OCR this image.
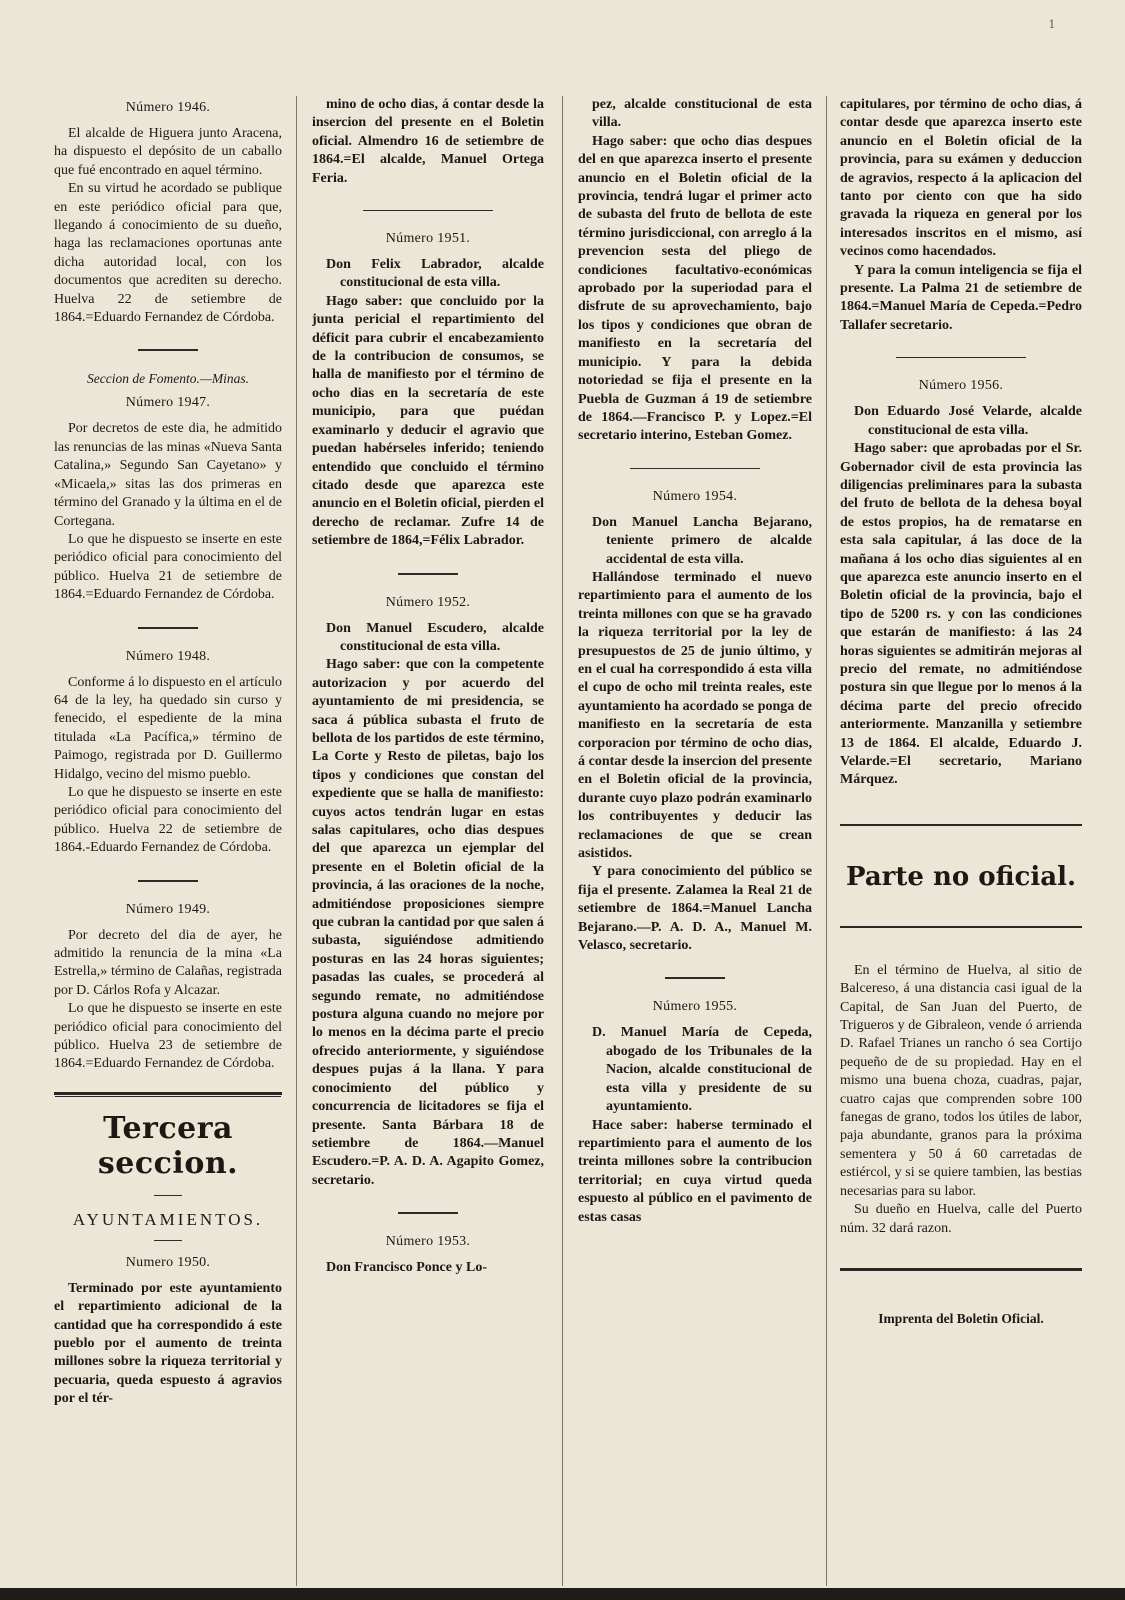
1
Número 1946.

El alcalde de Higuera junto Aracena, ha dispuesto el depósito de un caballo que fué encontrado en aquel término.

En su virtud he acordado se publique en este periódico oficial para que, llegando á conocimiento de su dueño, haga las reclamaciones oportunas ante dicha autoridad local, con los documentos que acrediten su derecho. Huelva 22 de setiembre de 1864.=Eduardo Fernandez de Córdoba.

Seccion de Fomento.—Minas.
Número 1947.

Por decretos de este dia, he admitido las renuncias de las minas «Nueva Santa Catalina,» Segundo San Cayetano» y «Micaela,» sitas las dos primeras en término del Granado y la última en el de Cortegana.

Lo que he dispuesto se inserte en este periódico oficial para conocimiento del público. Huelva 21 de setiembre de 1864.=Eduardo Fernandez de Córdoba.

Número 1948.

Conforme á lo dispuesto en el artículo 64 de la ley, ha quedado sin curso y fenecido, el espediente de la mina titulada «La Pacífica,» término de Paimogo, registrada por D. Guillermo Hidalgo, vecino del mismo pueblo.

Lo que he dispuesto se inserte en este periódico oficial para conocimiento del público. Huelva 22 de setiembre de 1864.-Eduardo Fernandez de Córdoba.

Número 1949.

Por decreto del dia de ayer, he admitido la renuncia de la mina «La Estrella,» término de Calañas, registrada por D. Cárlos Rofa y Alcazar.

Lo que he dispuesto se inserte en este periódico oficial para conocimiento del público. Huelva 23 de setiembre de 1864.=Eduardo Fernandez de Córdoba.

Tercera seccion.
AYUNTAMIENTOS.
Numero 1950.

Terminado por este ayuntamiento el repartimiento adicional de la cantidad que ha correspondido á este pueblo por el aumento de treinta millones sobre la riqueza territorial y pecuaria, queda espuesto á agravios por el tér-

mino de ocho dias, á contar desde la insercion del presente en el Boletin oficial. Almendro 16 de setiembre de 1864.=El alcalde, Manuel Ortega Feria.

Número 1951.

Don Felix Labrador, alcalde constitucional de esta villa.

Hago saber: que concluido por la junta pericial el repartimiento del déficit para cubrir el encabezamiento de la contribucion de consumos, se halla de manifiesto por el término de ocho dias en la secretaría de este municipio, para que puédan examinarlo y deducir el agravio que puedan habérseles inferido; teniendo entendido que concluido el término citado desde que aparezca este anuncio en el Boletin oficial, pierden el derecho de reclamar. Zufre 14 de setiembre de 1864,=Félix Labrador.

Número 1952.

Don Manuel Escudero, alcalde constitucional de esta villa.

Hago saber: que con la competente autorizacion y por acuerdo del ayuntamiento de mi presidencia, se saca á pública subasta el fruto de bellota de los partidos de este término, La Corte y Resto de piletas, bajo los tipos y condiciones que constan del expediente que se halla de manifiesto: cuyos actos tendrán lugar en estas salas capitulares, ocho dias despues del que aparezca un ejemplar del presente en el Boletin oficial de la provincia, á las oraciones de la noche, admitiéndose proposiciones siempre que cubran la cantidad por que salen á subasta, siguiéndose admitiendo posturas en las 24 horas siguientes; pasadas las cuales, se procederá al segundo remate, no admitiéndose postura alguna cuando no mejore por lo menos en la décima parte el precio ofrecido anteriormente, y siguiéndose despues pujas á la llana. Y para conocimiento del público y concurrencia de licitadores se fija el presente. Santa Bárbara 18 de setiembre de 1864.—Manuel Escudero.=P. A. D. A. Agapito Gomez, secretario.

Número 1953.

Don Francisco Ponce y Lo-

pez, alcalde constitucional de esta villa.

Hago saber: que ocho dias despues del en que aparezca inserto el presente anuncio en el Boletin oficial de la provincia, tendrá lugar el primer acto de subasta del fruto de bellota de este término jurisdiccional, con arreglo á la prevencion sesta del pliego de condiciones facultativo-económicas aprobado por la superiodad para el disfrute de su aprovechamiento, bajo los tipos y condiciones que obran de manifiesto en la secretaría del municipio. Y para la debida notoriedad se fija el presente en la Puebla de Guzman á 19 de setiembre de 1864.—Francisco P. y Lopez.=El secretario interino, Esteban Gomez.

Número 1954.

Don Manuel Lancha Bejarano, teniente primero de alcalde accidental de esta villa.

Hallándose terminado el nuevo repartimiento para el aumento de los treinta millones con que se ha gravado la riqueza territorial por la ley de presupuestos de 25 de junio último, y en el cual ha correspondido á esta villa el cupo de ocho mil treinta reales, este ayuntamiento ha acordado se ponga de manifiesto en la secretaría de esta corporacion por término de ocho dias, á contar desde la insercion del presente en el Boletin oficial de la provincia, durante cuyo plazo podrán examinarlo los contribuyentes y deducir las reclamaciones de que se crean asistidos.

Y para conocimiento del público se fija el presente. Zalamea la Real 21 de setiembre de 1864.=Manuel Lancha Bejarano.—P. A. D. A., Manuel M. Velasco, secretario.

Número 1955.

D. Manuel María de Cepeda, abogado de los Tribunales de la Nacion, alcalde constitucional de esta villa y presidente de su ayuntamiento.

Hace saber: haberse terminado el repartimiento para el aumento de los treinta millones sobre la contribucion territorial; en cuya virtud queda espuesto al público en el pavimento de estas casas

capitulares, por término de ocho dias, á contar desde que aparezca inserto este anuncio en el Boletin oficial de la provincia, para su exámen y deduccion de agravios, respecto á la aplicacion del tanto por ciento con que ha sido gravada la riqueza en general por los interesados inscritos en el mismo, así vecinos como hacendados.

Y para la comun inteligencia se fija el presente. La Palma 21 de setiembre de 1864.=Manuel María de Cepeda.=Pedro Tallafer secretario.

Número 1956.

Don Eduardo José Velarde, alcalde constitucional de esta villa.

Hago saber: que aprobadas por el Sr. Gobernador civil de esta provincia las diligencias preliminares para la subasta del fruto de bellota de la dehesa boyal de estos propios, ha de rematarse en esta sala capitular, á las doce de la mañana á los ocho dias siguientes al en que aparezca este anuncio inserto en el Boletin oficial de la provincia, bajo el tipo de 5200 rs. y con las condiciones que estarán de manifiesto: á las 24 horas siguientes se admitirán mejoras al precio del remate, no admitiéndose postura sin que llegue por lo menos á la décima parte del precio ofrecido anteriormente. Manzanilla y setiembre 13 de 1864. El alcalde, Eduardo J. Velarde.=El secretario, Mariano Márquez.

Parte no oficial.

En el término de Huelva, al sitio de Balcereso, á una distancia casi igual de la Capital, de San Juan del Puerto, de Trigueros y de Gibraleon, vende ó arrienda D. Rafael Trianes un rancho ó sea Cortijo pequeño de de su propiedad. Hay en el mismo una buena choza, cuadras, pajar, cuatro cajas que comprenden sobre 100 fanegas de grano, todos los útiles de labor, paja abundante, granos para la próxima sementera y 50 á 60 carretadas de estiércol, y si se quiere tambien, las bestias necesarias para su labor.

Su dueño en Huelva, calle del Puerto núm. 32 dará razon.

Imprenta del Boletin Oficial.
